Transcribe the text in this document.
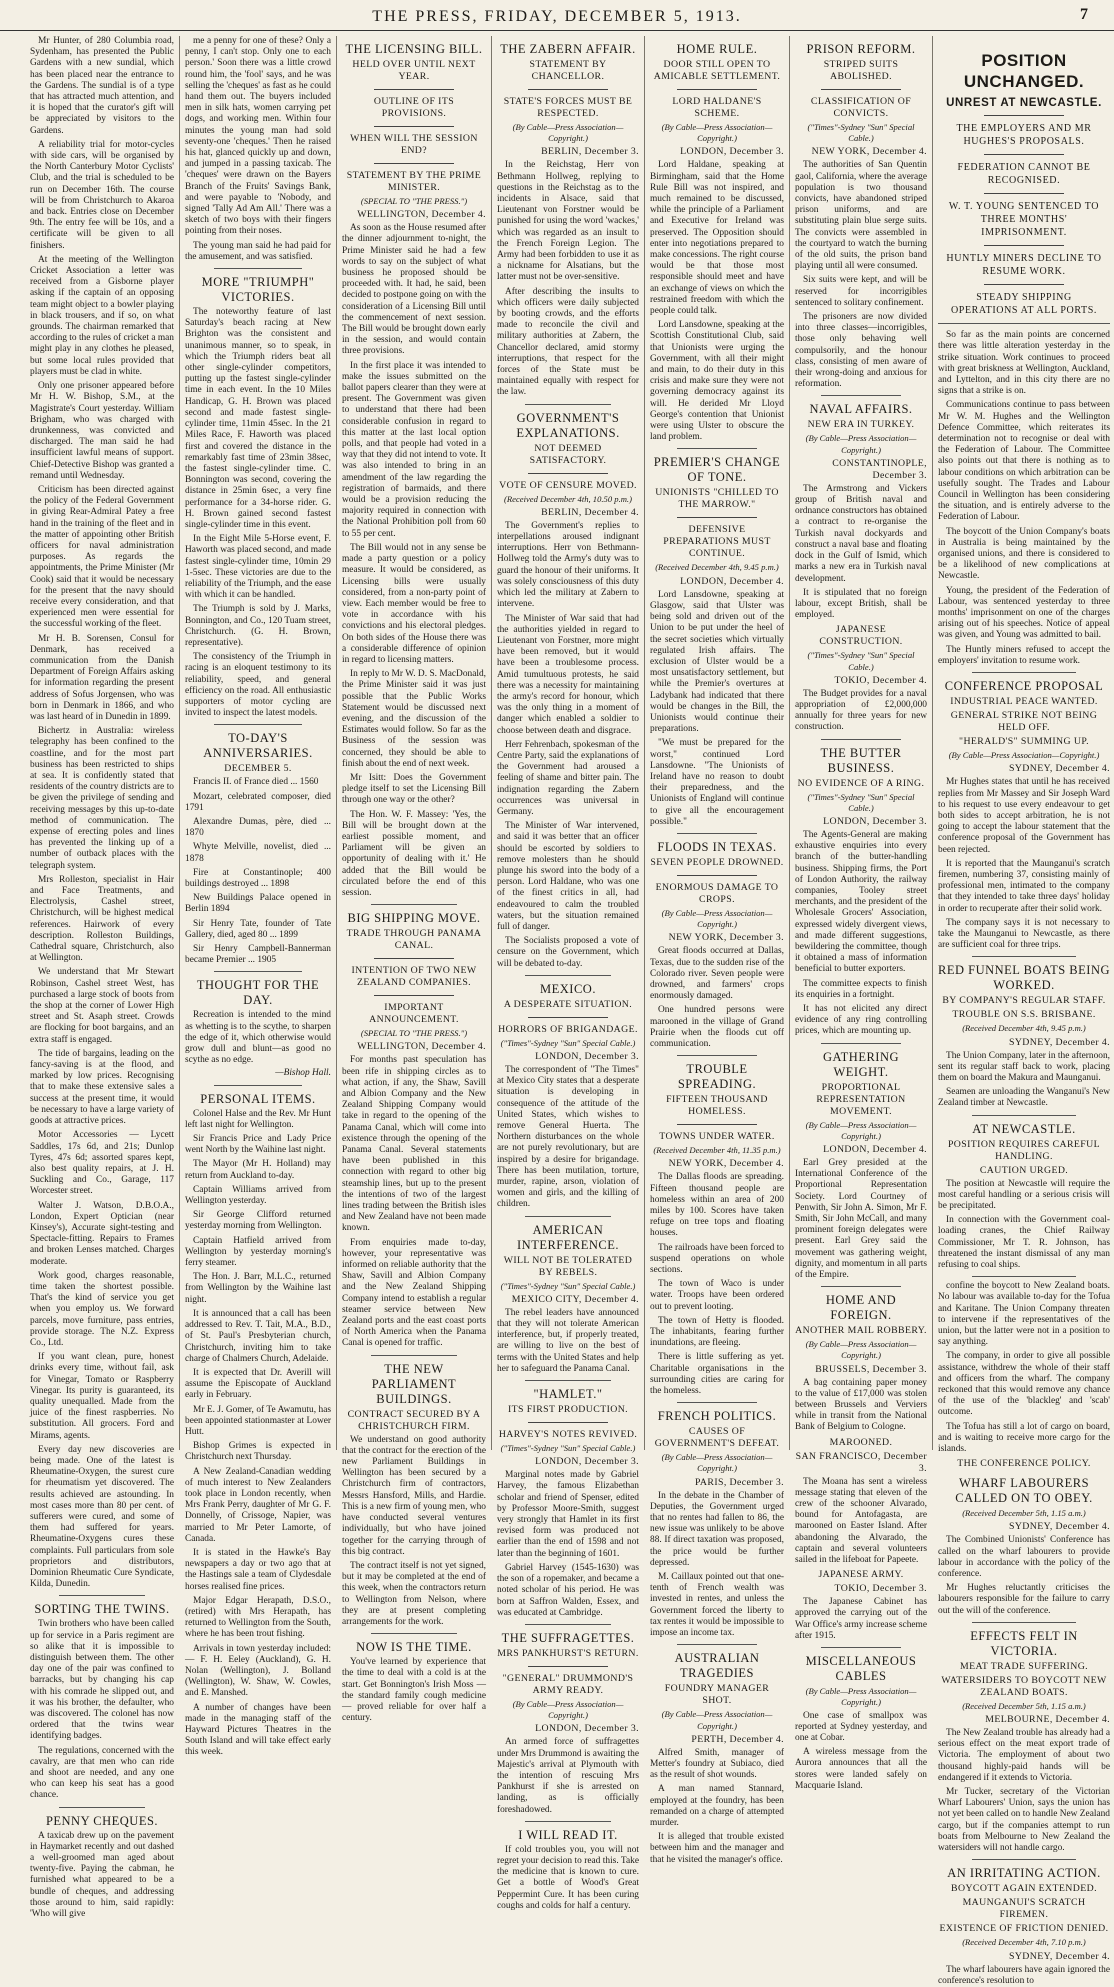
THE PRESS, FRIDAY, DECEMBER 5, 1913.	7

Mr Hunter, of 280 Columbia road, Sydenham, has presented the Public Gardens with a new sundial, which has been placed near the entrance to the Gardens. The sundial is of a type that has attracted much attention, and it is hoped that the curator's gift will be appreciated by visitors to the Gardens.

A reliability trial for motor-cycles with side cars, will be organised by the North Canterbury Motor Cyclists' Club, and the trial is scheduled to be run on December 16th. The course will be from Christchurch to Akaroa and back. Entries close on December 9th. The entry fee will be 10s, and a certificate will be given to all finishers.

At the meeting of the Wellington Cricket Association a letter was received from a Gisborne player asking if the captain of an opposing team might object to a bowler playing in black trousers, and if so, on what grounds. The chairman remarked that according to the rules of cricket a man might play in any clothes he pleased, but some local rules provided that players must be clad in white.

Only one prisoner appeared before Mr H. W. Bishop, S.M., at the Magistrate's Court yesterday. William Brigham, who was charged with drunkenness, was convicted and discharged. The man said he had insufficient lawful means of support. Chief-Detective Bishop was granted a remand until Wednesday.

Criticism has been directed against the policy of the Federal Government in giving Rear-Admiral Patey a free hand in the training of the fleet and in the matter of appointing other British officers for naval administration purposes. As regards the appointments, the Prime Minister (Mr Cook) said that it would be necessary for the present that the navy should receive every consideration, and that experienced men were essential for the successful working of the fleet.

Mr H. B. Sorensen, Consul for Denmark, has received a communication from the Danish Department of Foreign Affairs asking for information regarding the present address of Sofus Jorgensen, who was born in Denmark in 1866, and who was last heard of in Dunedin in 1899.

Bichertz in Australia: wireless telegraphy has been confined to the coastline, and for the most part business has been restricted to ships at sea. It is confidently stated that residents of the country districts are to be given the privilege of sending and receiving messages by this up-to-date method of communication. The expense of erecting poles and lines has prevented the linking up of a number of outback places with the telegraph system.

Mrs Rolleston, specialist in Hair and Face Treatments, and Electrolysis, Cashel street, Christchurch, will be highest medical references. Hairwork of every description. Rolleston Buildings, Cathedral square, Christchurch, also at Wellington.

We understand that Mr Stewart Robinson, Cashel street West, has purchased a large stock of boots from the shop at the corner of Lower High street and St. Asaph street. Crowds are flocking for boot bargains, and an extra staff is engaged.

The tide of bargains, leading on the fancy-saving is at the flood, and marked by low prices. Recognising that to make these extensive sales a success at the present time, it would be necessary to have a large variety of goods at attractive prices.

Motor Accessories — Lycett Saddles, 17s 6d, and 21s; Dunlop Tyres, 47s 6d; assorted spares kept, also best quality repairs, at J. H. Suckling and Co., Garage, 117 Worcester street.

Walter J. Watson, D.B.O.A., London, Expert Optician (near Kinsey's), Accurate sight-testing and Spectacle-fitting. Repairs to Frames and broken Lenses matched. Charges moderate.

Work good, charges reasonable, time taken the shortest possible. That's the kind of service you get when you employ us. We forward parcels, move furniture, pass entries, provide storage. The N.Z. Express Co., Ltd.

If you want clean, pure, honest drinks every time, without fail, ask for Vinegar, Tomato or Raspberry Vinegar. Its purity is guaranteed, its quality unequalled. Made from the juice of the finest raspberries. No substitution. All grocers. Ford and Mirams, agents.

Every day new discoveries are being made. One of the latest is Rheumatine-Oxygen, the surest cure for rheumatism yet discovered. The results achieved are astounding. In most cases more than 80 per cent. of sufferers were cured, and some of them had suffered for years. Rheumatine-Oxygens cures these complaints. Full particulars from sole proprietors and distributors, Dominion Rheumatic Cure Syndicate, Kilda, Dunedin.

SORTING THE TWINS.

Twin brothers who have been called up for service in a Paris regiment are so alike that it is impossible to distinguish between them. The other day one of the pair was confined to barracks, but by changing his cap with his comrade he slipped out, and it was his brother, the defaulter, who was discovered. The colonel has now ordered that the twins wear identifying badges.

The regulations, concerned with the cavalry, are that men who can ride and shoot are needed, and any one who can keep his seat has a good chance.

PENNY CHEQUES.

A taxicab drew up on the pavement in Haymarket recently and out dashed a well-groomed man aged about twenty-five. Paying the cabman, he furnished what appeared to be a bundle of cheques, and addressing those around to him, said rapidly: 'Who will give

me a penny for one of these? Only a penny, I can't stop. Only one to each person.' Soon there was a little crowd round him, the 'fool' says, and he was selling the 'cheques' as fast as he could hand them out. The buyers included men in silk hats, women carrying pet dogs, and working men. Within four minutes the young man had sold seventy-one 'cheques.' Then he raised his hat, glanced quickly up and down, and jumped in a passing taxicab. The 'cheques' were drawn on the Bayers Branch of the Fruits' Savings Bank, and were payable to 'Nobody, and signed 'Tally Ad Am All.' There was a sketch of two boys with their fingers pointing from their noses.

The young man said he had paid for the amusement, and was satisfied.

MORE "TRIUMPH" VICTORIES.

The noteworthy feature of last Saturday's beach racing at New Brighton was the consistent and unanimous manner, so to speak, in which the Triumph riders beat all other single-cylinder competitors, putting up the fastest single-cylinder time in each event. In the 10 Miles Handicap, G. H. Brown was placed second and made fastest single-cylinder time, 11min 45sec. In the 21 Miles Race, F. Haworth was placed first and covered the distance in the remarkably fast time of 23min 38sec, the fastest single-cylinder time. C. Bonnington was second, covering the distance in 25min 6sec, a very fine performance for a 34-horse rider. G. H. Brown gained second fastest single-cylinder time in this event.

In the Eight Mile 5-Horse event, F. Haworth was placed second, and made fastest single-cylinder time, 10min 29 1-5sec. These victories are due to the reliability of the Triumph, and the ease with which it can be handled.

The Triumph is sold by J. Marks, Bonnington, and Co., 120 Tuam street, Christchurch. (G. H. Brown, representative).

The consistency of the Triumph in racing is an eloquent testimony to its reliability, speed, and general efficiency on the road. All enthusiastic supporters of motor cycling are invited to inspect the latest models.

TO-DAY'S ANNIVERSARIES.
DECEMBER 5.

Francis II. of France died ... 1560

Mozart, celebrated composer, died 1791

Alexandre Dumas, père, died ... 1870

Whyte Melville, novelist, died ... 1878

Fire at Constantinople; 400 buildings destroyed ... 1898

New Buildings Palace opened in Berlin 1894

Sir Henry Tate, founder of Tate Gallery, died, aged 80 ... 1899

Sir Henry Campbell-Bannerman became Premier ... 1905

THOUGHT FOR THE DAY.

Recreation is intended to the mind as whetting is to the scythe, to sharpen the edge of it, which otherwise would grow dull and blunt—as good no scythe as no edge.

—Bishop Hall.
PERSONAL ITEMS.

Colonel Halse and the Rev. Mr Hunt left last night for Wellington.

Sir Francis Price and Lady Price went North by the Waihine last night.

The Mayor (Mr H. Holland) may return from Auckland to-day.

Captain Williams arrived from Wellington yesterday.

Sir George Clifford returned yesterday morning from Wellington.

Captain Hatfield arrived from Wellington by yesterday morning's ferry steamer.

The Hon. J. Barr, M.L.C., returned from Wellington by the Waihine last night.

It is announced that a call has been addressed to Rev. T. Tait, M.A., B.D., of St. Paul's Presbyterian church, Christchurch, inviting him to take charge of Chalmers Church, Adelaide.

It is expected that Dr. Averill will assume the Episcopate of Auckland early in February.

Mr E. J. Gomer, of Te Awamutu, has been appointed stationmaster at Lower Hutt.

Bishop Grimes is expected in Christchurch next Thursday.

A New Zealand-Canadian wedding of much interest to New Zealanders took place in London recently, when Mrs Frank Perry, daughter of Mr G. F. Donnelly, of Crissoge, Napier, was married to Mr Peter Lamorte, of Canada.

It is stated in the Hawke's Bay newspapers a day or two ago that at the Hastings sale a team of Clydesdale horses realised fine prices.

Major Edgar Herapath, D.S.O., (retired) with Mrs Herapath, has returned to Wellington from the South, where he has been trout fishing.

Arrivals in town yesterday included:— F. H. Eeley (Auckland), G. H. Nolan (Wellington), J. Bolland (Wellington), W. Shaw, W. Cowles, and E. Manshed.

A number of changes have been made in the managing staff of the Hayward Pictures Theatres in the South Island and will take effect early this week.

THE LICENSING BILL.
HELD OVER UNTIL NEXT YEAR.
OUTLINE OF ITS PROVISIONS.
WHEN WILL THE SESSION END?
STATEMENT BY THE PRIME MINISTER.
(SPECIAL TO "THE PRESS.")
WELLINGTON, December 4.

As soon as the House resumed after the dinner adjournment to-night, the Prime Minister said he had a few words to say on the subject of what business he proposed should be proceeded with. It had, he said, been decided to postpone going on with the consideration of a Licensing Bill until the commencement of next session. The Bill would be brought down early in the session, and would contain three provisions.

In the first place it was intended to make the issues submitted on the ballot papers clearer than they were at present. The Government was given to understand that there had been considerable confusion in regard to this matter at the last local option polls, and that people had voted in a way that they did not intend to vote. It was also intended to bring in an amendment of the law regarding the registration of barmaids, and there would be a provision reducing the majority required in connection with the National Prohibition poll from 60 to 55 per cent.

The Bill would not in any sense be made a party question or a policy measure. It would be considered, as Licensing bills were usually considered, from a non-party point of view. Each member would be free to vote in accordance with his convictions and his electoral pledges. On both sides of the House there was a considerable difference of opinion in regard to licensing matters.

In reply to Mr W. D. S. MacDonald, the Prime Minister said it was just possible that the Public Works Statement would be discussed next evening, and the discussion of the Estimates would follow. So far as the Business of the session was concerned, they should be able to finish about the end of next week.

Mr Isitt: Does the Government pledge itself to set the Licensing Bill through one way or the other?

The Hon. W. F. Massey: 'Yes, the Bill will be brought down at the earliest possible moment, and Parliament will be given an opportunity of dealing with it.' He added that the Bill would be circulated before the end of this session.

BIG SHIPPING MOVE.
TRADE THROUGH PANAMA CANAL.
INTENTION OF TWO NEW ZEALAND COMPANIES.
IMPORTANT ANNOUNCEMENT.
(SPECIAL TO "THE PRESS.")
WELLINGTON, December 4.

For months past speculation has been rife in shipping circles as to what action, if any, the Shaw, Savill and Albion Company and the New Zealand Shipping Company would take in regard to the opening of the Panama Canal, which will come into existence through the opening of the Panama Canal. Several statements have been published in this connection with regard to other big steamship lines, but up to the present the intentions of two of the largest lines trading between the British isles and New Zealand have not been made known.

From enquiries made to-day, however, your representative was informed on reliable authority that the Shaw, Savill and Albion Company and the New Zealand Shipping Company intend to establish a regular steamer service between New Zealand ports and the east coast ports of North America when the Panama Canal is opened for traffic.

THE NEW PARLIAMENT BUILDINGS.
CONTRACT SECURED BY A CHRISTCHURCH FIRM.

We understand on good authority that the contract for the erection of the new Parliament Buildings in Wellington has been secured by a Christchurch firm of contractors, Messrs Hansford, Mills, and Hardie. This is a new firm of young men, who have conducted several ventures individually, but who have joined together for the carrying through of this big contract.

The contract itself is not yet signed, but it may be completed at the end of this week, when the contractors return to Wellington from Nelson, where they are at present completing arrangements for the work.

NOW IS THE TIME.

You've learned by experience that the time to deal with a cold is at the start. Get Bonnington's Irish Moss — the standard family cough medicine — proved reliable for over half a century.

THE ZABERN AFFAIR.
STATEMENT BY CHANCELLOR.
STATE'S FORCES MUST BE RESPECTED.
(By Cable—Press Association—Copyright.)
BERLIN, December 3.

In the Reichstag, Herr von Bethmann Hollweg, replying to questions in the Reichstag as to the incidents in Alsace, said that Lieutenant von Forstner would be punished for using the word 'wackes,' which was regarded as an insult to the French Foreign Legion. The Army had been forbidden to use it as a nickname for Alsatians, but the latter must not be over-sensitive.

After describing the insults to which officers were daily subjected by booting crowds, and the efforts made to reconcile the civil and military authorities at Zabern, the Chancellor declared, amid stormy interruptions, that respect for the forces of the State must be maintained equally with respect for the law.

GOVERNMENT'S EXPLANATIONS.
NOT DEEMED SATISFACTORY.
VOTE OF CENSURE MOVED.
(Received December 4th, 10.50 p.m.)
BERLIN, December 4.

The Government's replies to interpellations aroused indignant interruptions. Herr von Bethmann-Hollweg told the Army's duty was to guard the honour of their uniforms. It was solely consciousness of this duty which led the military at Zabern to intervene.

The Minister of War said that had the authorities yielded in regard to Lieutenant von Forstner, more might have been removed, but it would have been a troublesome process. Amid tumultuous protests, he said there was a necessity for maintaining the army's record for honour, which was the only thing in a moment of danger which enabled a soldier to choose between death and disgrace.

Herr Fehrenbach, spokesman of the Centre Party, said the explanations of the Government had aroused a feeling of shame and bitter pain. The indignation regarding the Zabern occurrences was universal in Germany.

The Minister of War intervened, and said it was better that an officer should be escorted by soldiers to remove molesters than he should plunge his sword into the body of a person. Lord Haldane, who was one of the finest critics in all, had endeavoured to calm the troubled waters, but the situation remained full of danger.

The Socialists proposed a vote of censure on the Government, which will be debated to-day.

MEXICO.
A DESPERATE SITUATION.
HORRORS OF BRIGANDAGE.
("Times"-Sydney "Sun" Special Cable.)
LONDON, December 3.

The correspondent of "The Times" at Mexico City states that a desperate situation is developing in consequence of the attitude of the United States, which wishes to remove General Huerta. The Northern disturbances on the whole are not purely revolutionary, but are inspired by a desire for brigandage. There has been mutilation, torture, murder, rapine, arson, violation of women and girls, and the killing of children.

AMERICAN INTERFERENCE.
WILL NOT BE TOLERATED BY REBELS.
("Times"-Sydney "Sun" Special Cable.)
MEXICO CITY, December 4.

The rebel leaders have announced that they will not tolerate American interference, but, if properly treated, are willing to live on the best of terms with the United States and help her to safeguard the Panama Canal.

"HAMLET."
ITS FIRST PRODUCTION.
HARVEY'S NOTES REVIVED.
("Times"-Sydney "Sun" Special Cable.)
LONDON, December 3.

Marginal notes made by Gabriel Harvey, the famous Elizabethan scholar and friend of Spenser, edited by Professor Moore-Smith, suggest very strongly that Hamlet in its first revised form was produced not earlier than the end of 1598 and not later than the beginning of 1601.

Gabriel Harvey (1545-1630) was the son of a ropemaker, and became a noted scholar of his period. He was born at Saffron Walden, Essex, and was educated at Cambridge.

THE SUFFRAGETTES.
MRS PANKHURST'S RETURN.
"GENERAL" DRUMMOND'S ARMY READY.
(By Cable—Press Association—Copyright.)
LONDON, December 3.

An armed force of suffragettes under Mrs Drummond is awaiting the Majestic's arrival at Plymouth with the intention of rescuing Mrs Pankhurst if she is arrested on landing, as is officially foreshadowed.

I WILL READ IT.

If cold troubles you, you will not regret your decision to read this. Take the medicine that is known to cure. Get a bottle of Wood's Great Peppermint Cure. It has been curing coughs and colds for half a century.

HOME RULE.
DOOR STILL OPEN TO AMICABLE SETTLEMENT.
LORD HALDANE'S SCHEME.
(By Cable—Press Association—Copyright.)
LONDON, December 3.

Lord Haldane, speaking at Birmingham, said that the Home Rule Bill was not inspired, and much remained to be discussed, while the principle of a Parliament and Executive for Ireland was preserved. The Opposition should enter into negotiations prepared to make concessions. The right course would be that those most responsible should meet and have an exchange of views on which the restrained freedom with which the people could talk.

Lord Lansdowne, speaking at the Scottish Constitutional Club, said that Unionists were urging the Government, with all their might and main, to do their duty in this crisis and make sure they were not governing democracy against its will. He derided Mr Lloyd George's contention that Unionist were using Ulster to obscure the land problem.

PREMIER'S CHANGE OF TONE.
UNIONISTS "CHILLED TO THE MARROW."
DEFENSIVE PREPARATIONS MUST CONTINUE.
(Received December 4th, 9.45 p.m.)
LONDON, December 4.

Lord Lansdowne, speaking at Glasgow, said that Ulster was being sold and driven out of the Union to be put under the heel of the secret societies which virtually regulated Irish affairs. The exclusion of Ulster would be a most unsatisfactory settlement, but while the Premier's overtures at Ladybank had indicated that there would be changes in the Bill, the Unionists would continue their preparations.

"We must be prepared for the worst," continued Lord Lansdowne. "The Unionists of Ireland have no reason to doubt their preparedness, and the Unionists of England will continue to give all the encouragement possible."

FLOODS IN TEXAS.
SEVEN PEOPLE DROWNED.
ENORMOUS DAMAGE TO CROPS.
(By Cable—Press Association—Copyright.)
NEW YORK, December 3.

Great floods occurred at Dallas, Texas, due to the sudden rise of the Colorado river. Seven people were drowned, and farmers' crops enormously damaged.

One hundred persons were marooned in the village of Grand Prairie when the floods cut off communication.

TROUBLE SPREADING.
FIFTEEN THOUSAND HOMELESS.
TOWNS UNDER WATER.
(Received December 4th, 11.35 p.m.)
NEW YORK, December 4.

The Dallas floods are spreading. Fifteen thousand people are homeless within an area of 200 miles by 100. Scores have taken refuge on tree tops and floating houses.

The railroads have been forced to suspend operations on whole sections.

The town of Waco is under water. Troops have been ordered out to prevent looting.

The town of Hetty is flooded. The inhabitants, fearing further inundations, are fleeing.

There is little suffering as yet. Charitable organisations in the surrounding cities are caring for the homeless.

FRENCH POLITICS.
CAUSES OF GOVERNMENT'S DEFEAT.
(By Cable—Press Association—Copyright.)
PARIS, December 3.

In the debate in the Chamber of Deputies, the Government urged that no rentes had fallen to 86, the new issue was unlikely to be above 88. If direct taxation was proposed, the price would be further depressed.

M. Caillaux pointed out that one-tenth of French wealth was invested in rentes, and unless the Government forced the liberty to tax rentes it would be impossible to impose an income tax.

AUSTRALIAN TRAGEDIES
FOUNDRY MANAGER SHOT.
(By Cable—Press Association—Copyright.)
PERTH, December 4.

Alfred Smith, manager of Metter's foundry at Subiaco, died as the result of shot wounds.

A man named Stannard, employed at the foundry, has been remanded on a charge of attempted murder.

It is alleged that trouble existed between him and the manager and that he visited the manager's office.

PRISON REFORM.
STRIPED SUITS ABOLISHED.
CLASSIFICATION OF CONVICTS.
("Times"-Sydney "Sun" Special Cable.)
NEW YORK, December 4.

The authorities of San Quentin gaol, California, where the average population is two thousand convicts, have abandoned striped prison uniforms, and are substituting plain blue serge suits. The convicts were assembled in the courtyard to watch the burning of the old suits, the prison band playing until all were consumed.

Six suits were kept, and will be reserved for incorrigibles sentenced to solitary confinement.

The prisoners are now divided into three classes—incorrigibles, those only behaving well compulsorily, and the honour class, consisting of men aware of their wrong-doing and anxious for reformation.

NAVAL AFFAIRS.
NEW ERA IN TURKEY.
(By Cable—Press Association—Copyright.)
CONSTANTINOPLE, December 3.

The Armstrong and Vickers group of British naval and ordnance constructors has obtained a contract to re-organise the Turkish naval dockyards and construct a naval base and floating dock in the Gulf of Ismid, which marks a new era in Turkish naval development.

It is stipulated that no foreign labour, except British, shall be employed.

JAPANESE CONSTRUCTION.
("Times"-Sydney "Sun" Special Cable.)
TOKIO, December 4.

The Budget provides for a naval appropriation of £2,000,000 annually for three years for new construction.

THE BUTTER BUSINESS.
NO EVIDENCE OF A RING.
("Times"-Sydney "Sun" Special Cable.)
LONDON, December 3.

The Agents-General are making exhaustive enquiries into every branch of the butter-handling business. Shipping firms, the Port of London Authority, the railway companies, Tooley street merchants, and the president of the Wholesale Grocers' Association, expressed widely divergent views, and made different suggestions, bewildering the committee, though it obtained a mass of information beneficial to butter exporters.

The committee expects to finish its enquiries in a fortnight.

It has not elicited any direct evidence of any ring controlling prices, which are mounting up.

GATHERING WEIGHT.
PROPORTIONAL REPRESENTATION MOVEMENT.
(By Cable—Press Association—Copyright.)
LONDON, December 4.

Earl Grey presided at the International Conference of the Proportional Representation Society. Lord Courtney of Penwith, Sir John A. Simon, Mr F. Smith, Sir John McCall, and many prominent foreign delegates were present. Earl Grey said the movement was gathering weight, dignity, and momentum in all parts of the Empire.

HOME AND FOREIGN.
ANOTHER MAIL ROBBERY.
(By Cable—Press Association—Copyright.)
BRUSSELS, December 3.

A bag containing paper money to the value of £17,000 was stolen between Brussels and Verviers while in transit from the National Bank of Belgium to Cologne.

MAROONED.
SAN FRANCISCO, December 3.

The Moana has sent a wireless message stating that eleven of the crew of the schooner Alvarado, bound for Antofagasta, are marooned on Easter Island. After abandoning the Alvarado, the captain and several volunteers sailed in the lifeboat for Papeete.

JAPANESE ARMY.
TOKIO, December 3.

The Japanese Cabinet has approved the carrying out of the War Office's army increase scheme after 1915.

MISCELLANEOUS CABLES
(By Cable—Press Association—Copyright.)

One case of smallpox was reported at Sydney yesterday, and one at Cobar.

A wireless message from the Aurora announces that all the stores were landed safely on Macquarie Island.

POSITION UNCHANGED.
UNREST AT NEWCASTLE.
THE EMPLOYERS AND MR HUGHES'S PROPOSALS.
FEDERATION CANNOT BE RECOGNISED.
W. T. YOUNG SENTENCED TO THREE MONTHS' IMPRISONMENT.
HUNTLY MINERS DECLINE TO RESUME WORK.
STEADY SHIPPING OPERATIONS AT ALL PORTS.

So far as the main points are concerned there was little alteration yesterday in the strike situation. Work continues to proceed with great briskness at Wellington, Auckland, and Lyttelton, and in this city there are no signs that a strike is on.

Communications continue to pass between Mr W. M. Hughes and the Wellington Defence Committee, which reiterates its determination not to recognise or deal with the Federation of Labour. The Committee also points out that there is nothing as to labour conditions on which arbitration can be usefully sought. The Trades and Labour Council in Wellington has been considering the situation, and is entirely adverse to the Federation of Labour.

The boycott of the Union Company's boats in Australia is being maintained by the organised unions, and there is considered to be a likelihood of new complications at Newcastle.

Young, the president of the Federation of Labour, was sentenced yesterday to three months' imprisonment on one of the charges arising out of his speeches. Notice of appeal was given, and Young was admitted to bail.

The Huntly miners refused to accept the employers' invitation to resume work.

CONFERENCE PROPOSAL
INDUSTRIAL PEACE WANTED.
GENERAL STRIKE NOT BEING HELD OFF.
"HERALD'S" SUMMING UP.
(By Cable—Press Association—Copyright.)
SYDNEY, December 4.

Mr Hughes states that until he has received replies from Mr Massey and Sir Joseph Ward to his request to use every endeavour to get both sides to accept arbitration, he is not going to accept the labour statement that the conference proposal of the Government has been rejected.

It is reported that the Maunganui's scratch firemen, numbering 37, consisting mainly of professional men, intimated to the company that they intended to take three days' holiday in order to recuperate after their solid work.

The company says it is not necessary to take the Maunganui to Newcastle, as there are sufficient coal for three trips.

RED FUNNEL BOATS BEING WORKED.
BY COMPANY'S REGULAR STAFF.
TROUBLE ON S.S. BRISBANE.
(Received December 4th, 9.45 p.m.)
SYDNEY, December 4.

The Union Company, later in the afternoon, sent its regular staff back to work, placing them on board the Makura and Maunganui.

Seamen are unloading the Wanganui's New Zealand timber at Newcastle.

AT NEWCASTLE.
POSITION REQUIRES CAREFUL HANDLING.
CAUTION URGED.

The position at Newcastle will require the most careful handling or a serious crisis will be precipitated.

In connection with the Government coal-loading cranes, the Chief Railway Commissioner, Mr T. R. Johnson, has threatened the instant dismissal of any man refusing to coal ships.

confine the boycott to New Zealand boats. No labour was available to-day for the Tofua and Karitane. The Union Company threaten to intervene if the representatives of the union, but the latter were not in a position to say anything.

The company, in order to give all possible assistance, withdrew the whole of their staff and officers from the wharf. The company reckoned that this would remove any chance of the use of the 'blackleg' and 'scab' outcome.

The Tofua has still a lot of cargo on board, and is waiting to receive more cargo for the islands.

THE CONFERENCE POLICY.
WHARF LABOURERS CALLED ON TO OBEY.
(Received December 5th, 1.15 a.m.)
SYDNEY, December 4.

The Combined Unionists' Conference has called on the wharf labourers to provide labour in accordance with the policy of the conference.

Mr Hughes reluctantly criticises the labourers responsible for the failure to carry out the will of the conference.

EFFECTS FELT IN VICTORIA.
MEAT TRADE SUFFERING.
WATERSIDERS TO BOYCOTT NEW ZEALAND BOATS.
(Received December 5th, 1.15 a.m.)
MELBOURNE, December 4.

The New Zealand trouble has already had a serious effect on the meat export trade of Victoria. The employment of about two thousand highly-paid hands will be endangered if it extends to Victoria.

Mr Tucker, secretary of the Victorian Wharf Labourers' Union, says the union has not yet been called on to handle New Zealand cargo, but if the companies attempt to run boats from Melbourne to New Zealand the watersiders will not handle cargo.

AN IRRITATING ACTION.
BOYCOTT AGAIN EXTENDED.
MAUNGANUI'S SCRATCH FIREMEN.
EXISTENCE OF FRICTION DENIED.
(Received December 4th, 7.10 p.m.)
SYDNEY, December 4.

The wharf labourers have again ignored the conference's resolution to
